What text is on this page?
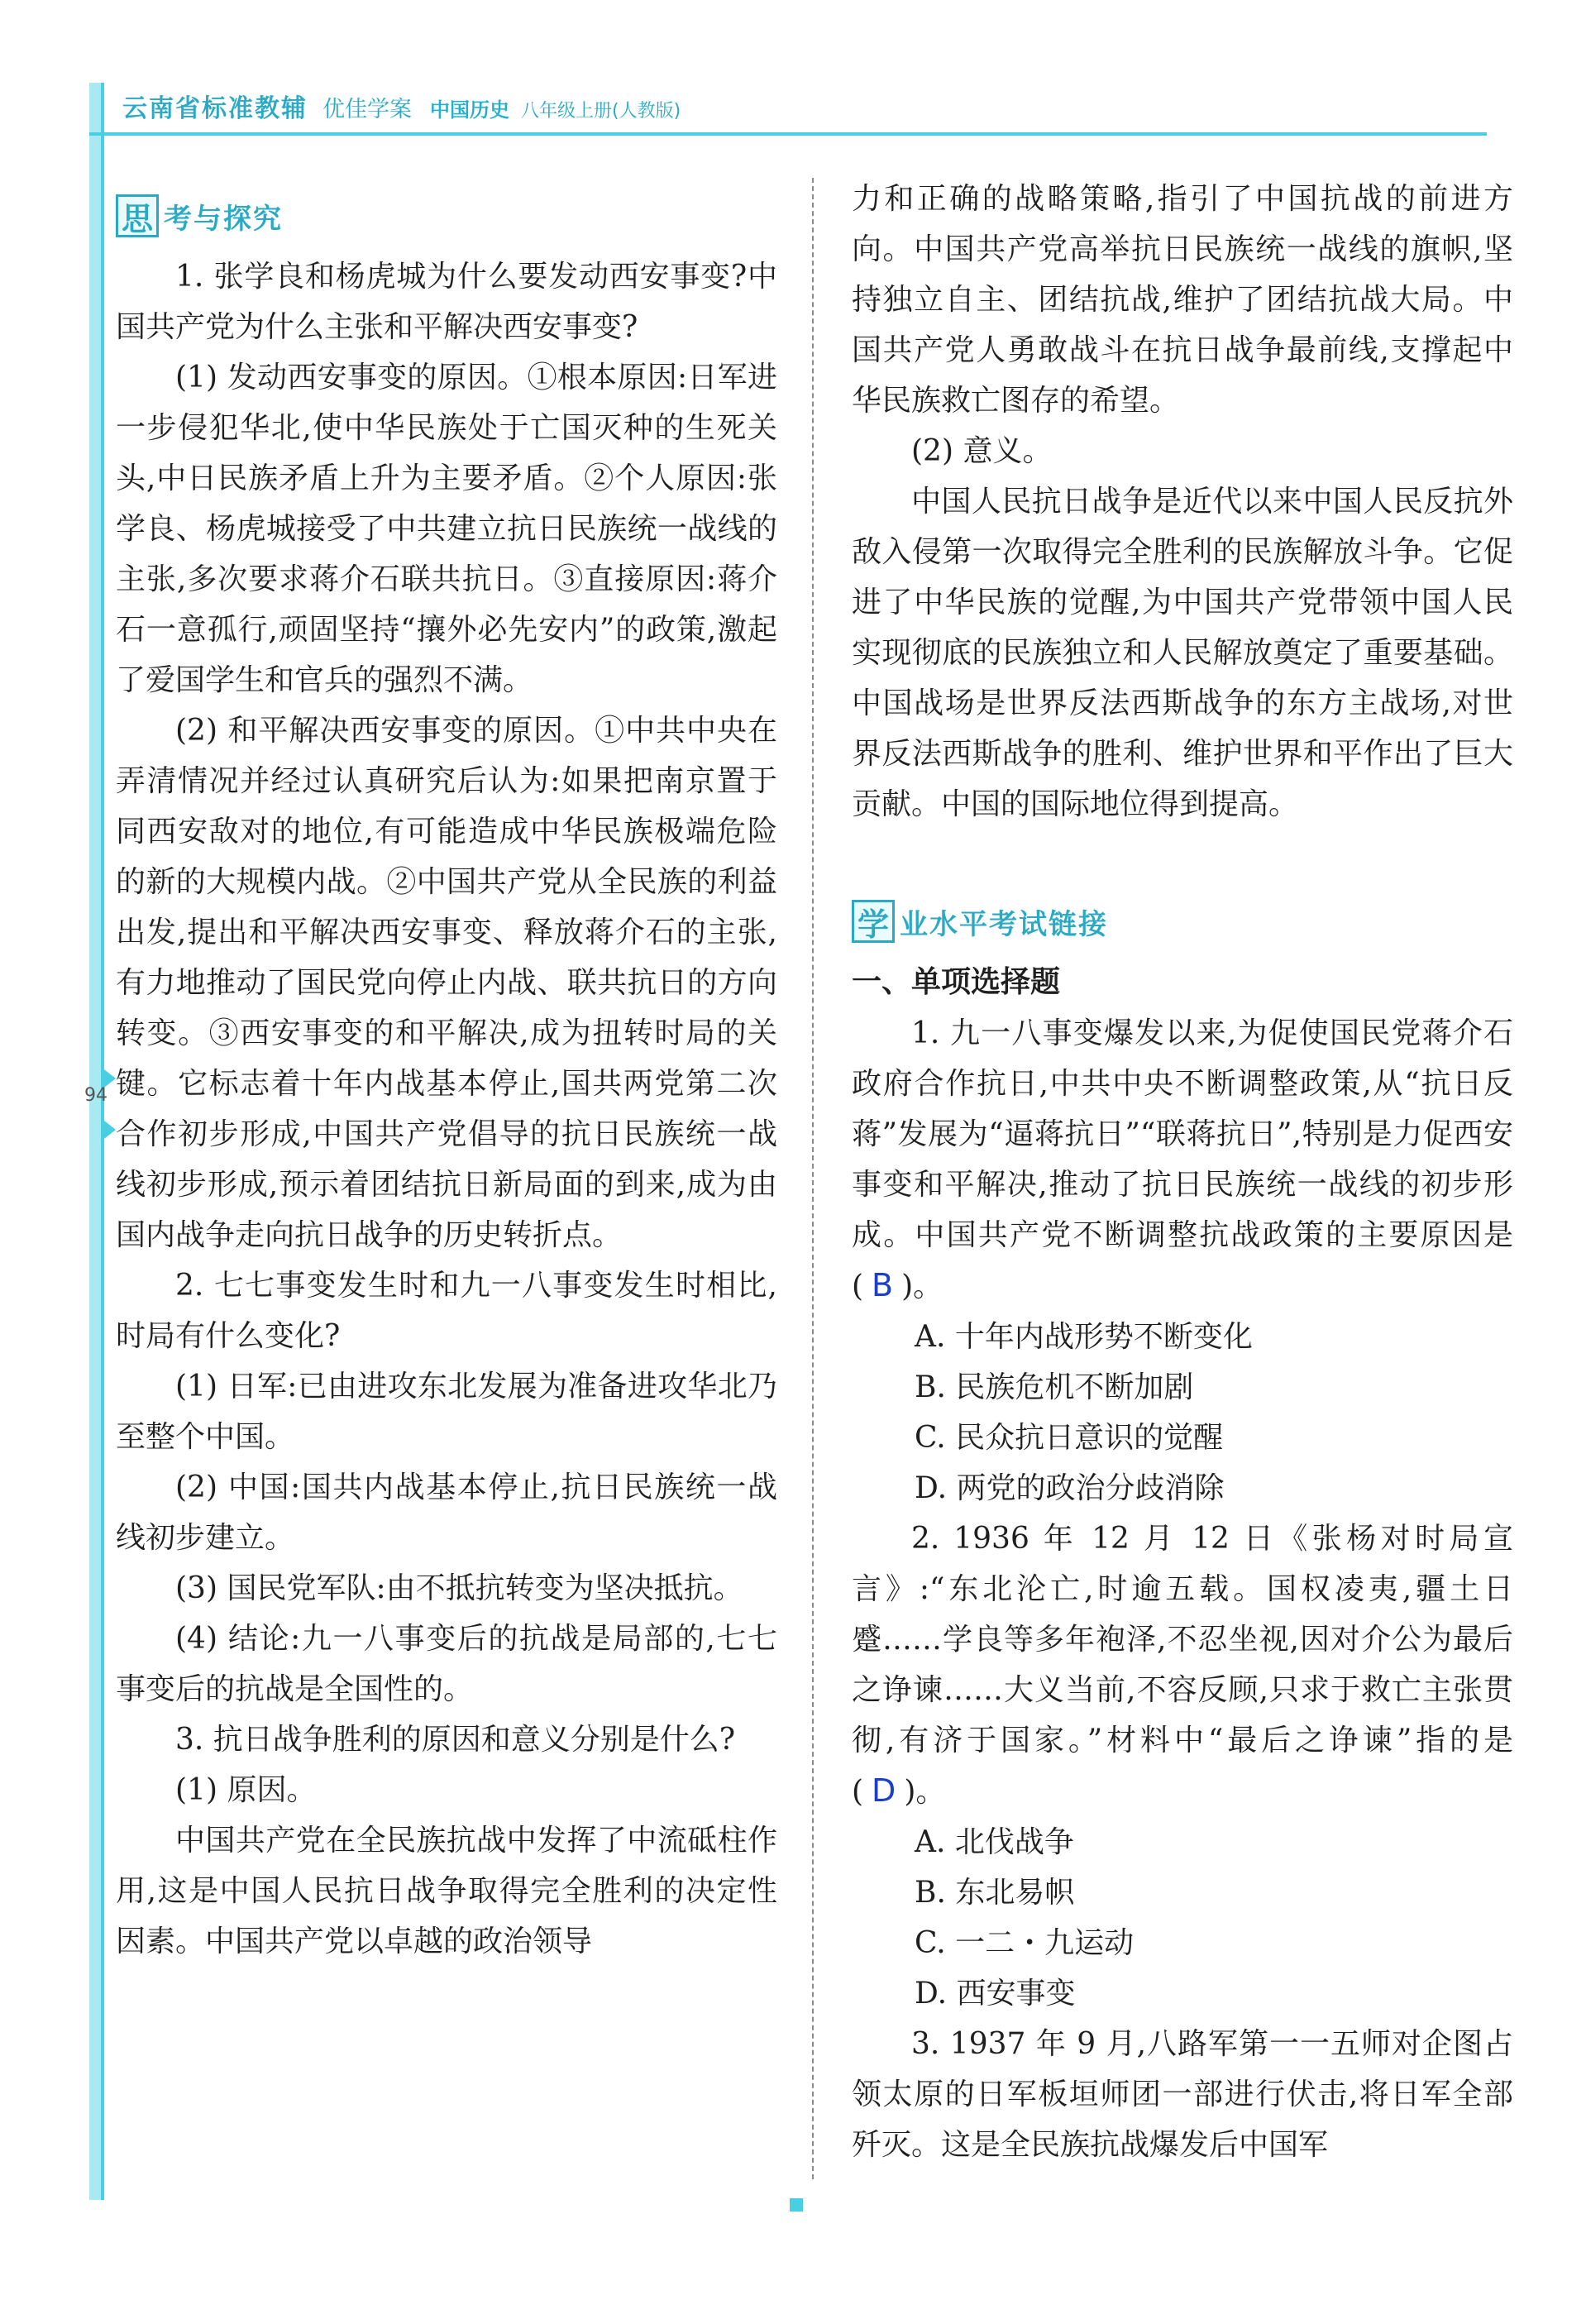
94
云南省标准教辅 优佳学案 中国历史 八年级上册(人教版)
思 考与探究

1. 张学良和杨虎城为什么要发动西安事变?中国共产党为什么主张和平解决西安事变?

(1) 发动西安事变的原因。①根本原因:日军进一步侵犯华北,使中华民族处于亡国灭种的生死关头,中日民族矛盾上升为主要矛盾。②个人原因:张学良、杨虎城接受了中共建立抗日民族统一战线的主张,多次要求蒋介石联共抗日。③直接原因:蒋介石一意孤行,顽固坚持“攘外必先安内”的政策,激起了爱国学生和官兵的强烈不满。

(2) 和平解决西安事变的原因。①中共中央在弄清情况并经过认真研究后认为:如果把南京置于同西安敌对的地位,有可能造成中华民族极端危险的新的大规模内战。②中国共产党从全民族的利益出发,提出和平解决西安事变、释放蒋介石的主张,有力地推动了国民党向停止内战、联共抗日的方向转变。③西安事变的和平解决,成为扭转时局的关键。它标志着十年内战基本停止,国共两党第二次合作初步形成,中国共产党倡导的抗日民族统一战线初步形成,预示着团结抗日新局面的到来,成为由国内战争走向抗日战争的历史转折点。

2. 七七事变发生时和九一八事变发生时相比,时局有什么变化?

(1) 日军:已由进攻东北发展为准备进攻华北乃至整个中国。

(2) 中国:国共内战基本停止,抗日民族统一战线初步建立。

(3) 国民党军队:由不抵抗转变为坚决抵抗。

(4) 结论:九一八事变后的抗战是局部的,七七事变后的抗战是全国性的。

3. 抗日战争胜利的原因和意义分别是什么?

(1) 原因。

中国共产党在全民族抗战中发挥了中流砥柱作用,这是中国人民抗日战争取得完全胜利的决定性因素。中国共产党以卓越的政治领导

力和正确的战略策略,指引了中国抗战的前进方向。中国共产党高举抗日民族统一战线的旗帜,坚持独立自主、团结抗战,维护了团结抗战大局。中国共产党人勇敢战斗在抗日战争最前线,支撑起中华民族救亡图存的希望。

(2) 意义。

中国人民抗日战争是近代以来中国人民反抗外敌入侵第一次取得完全胜利的民族解放斗争。它促进了中华民族的觉醒,为中国共产党带领中国人民实现彻底的民族独立和人民解放奠定了重要基础。中国战场是世界反法西斯战争的东方主战场,对世界反法西斯战争的胜利、维护世界和平作出了巨大贡献。中国的国际地位得到提高。

学 业水平考试链接

一、单项选择题

1. 九一八事变爆发以来,为促使国民党蒋介石政府合作抗日,中共中央不断调整政策,从“抗日反蒋”发展为“逼蒋抗日”“联蒋抗日”,特别是力促西安事变和平解决,推动了抗日民族统一战线的初步形成。中国共产党不断调整抗战政策的主要原因是( B )。

A. 十年内战形势不断变化

B. 民族危机不断加剧

C. 民众抗日意识的觉醒

D. 两党的政治分歧消除

2. 1936 年 12 月 12 日《张杨对时局宣言》:“东北沦亡,时逾五载。国权凌夷,疆土日蹙……学良等多年袍泽,不忍坐视,因对介公为最后之诤谏……大义当前,不容反顾,只求于救亡主张贯彻,有济于国家。”材料中“最后之诤谏”指的是( D )。

A. 北伐战争

B. 东北易帜

C. 一二・九运动

D. 西安事变

3. 1937 年 9 月,八路军第一一五师对企图占领太原的日军板垣师团一部进行伏击,将日军全部歼灭。这是全民族抗战爆发后中国军
